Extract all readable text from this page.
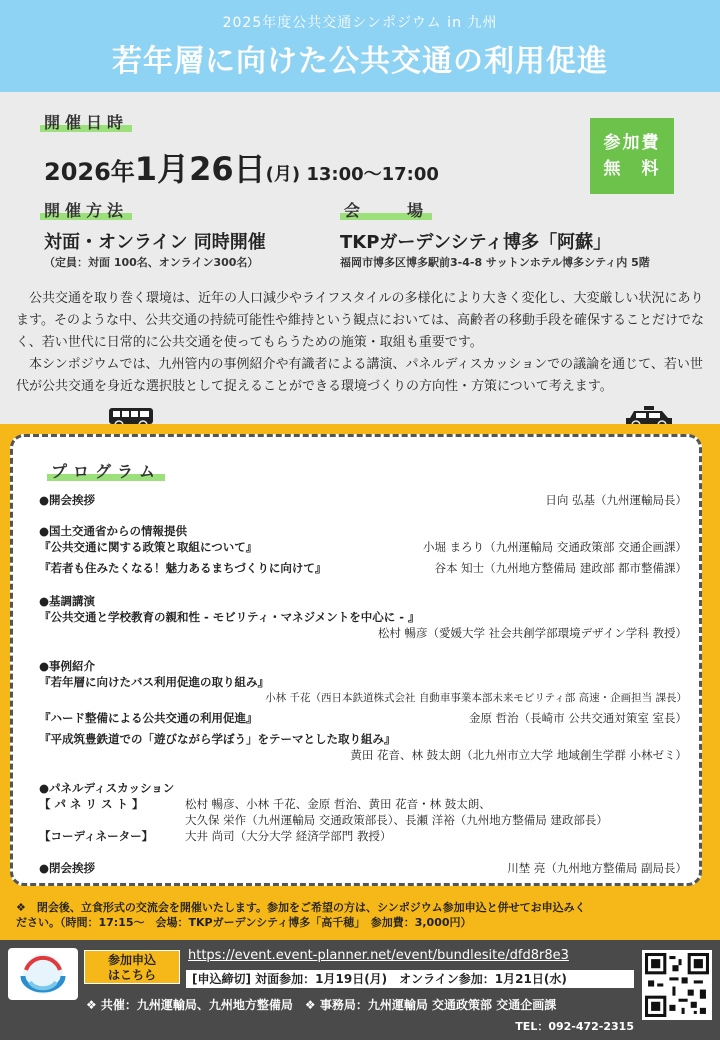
2025年度公共交通シンポジウム in 九州
若年層に向けた公共交通の利用促進
開催日時
2026年1月26日(月) 13:00～17:00
参加費
無　料
開催方法
対面・オンライン 同時開催
（定員：対面 100名、オンライン300名）
会　　場
TKPガーデンシティ博多「阿蘇」
福岡市博多区博多駅前3-4-8 サットンホテル博多シティ内 5階

公共交通を取り巻く環境は、近年の人口減少やライフスタイルの多様化により大きく変化し、大変厳しい状況にあります。そのような中、公共交通の持続可能性や維持という観点においては、高齢者の移動手段を確保することだけでなく、若い世代に日常的に公共交通を使ってもらうための施策・取組も重要です。

本シンポジウムでは、九州管内の事例紹介や有識者による講演、パネルディスカッションでの議論を通じて、若い世代が公共交通を身近な選択肢として捉えることができる環境づくりの方向性・方策について考えます。

プログラム
●開会挨拶	日向 弘基（九州運輸局長）
●国土交通省からの情報提供
『公共交通に関する政策と取組について』	小堀 まろり（九州運輸局 交通政策部 交通企画課）
『若者も住みたくなる！魅力あるまちづくりに向けて』	谷本 知士（九州地方整備局 建政部 都市整備課）
●基調講演
『公共交通と学校教育の親和性 - モビリティ・マネジメントを中心に - 』
松村 暢彦（愛媛大学 社会共創学部環境デザイン学科 教授）
●事例紹介
『若年層に向けたバス利用促進の取り組み』
小林 千花（西日本鉄道株式会社 自動車事業本部未来モビリティ部 高速・企画担当 課長）
『ハード整備による公共交通の利用促進』	金原 哲治（長崎市 公共交通対策室 室長）
『平成筑豊鉄道での「遊びながら学ぼう」をテーマとした取り組み』
黄田 花音、林 鼓太朗（北九州市立大学 地域創生学群 小林ゼミ）
●パネルディスカッション
【 パ ネ リ ス ト 】	松村 暢彦、小林 千花、金原 哲治、黄田 花音・林 鼓太朗、
大久保 栄作（九州運輸局 交通政策部長）、長瀬 洋裕（九州地方整備局 建政部長）
【コーディネーター】	大井 尚司（大分大学 経済学部門 教授）
●閉会挨拶	川埜 亮（九州地方整備局 副局長）
❖　閉会後、立食形式の交流会を開催いたします。参加をご希望の方は、シンポジウム参加申込と併せてお申込みく
ださい。（時間：17:15～　会場：TKPガーデンシティ博多「高千穂」　参加費：3,000円）
参加申込
はこちら
https://event.event-planner.net/event/bundlesite/dfd8r8e3
[申込締切] 対面参加：1月19日(月)　オンライン参加：1月21日(水)
❖ 共催：九州運輸局、九州地方整備局　❖ 事務局：九州運輸局 交通政策部 交通企画課
TEL：092-472-2315
